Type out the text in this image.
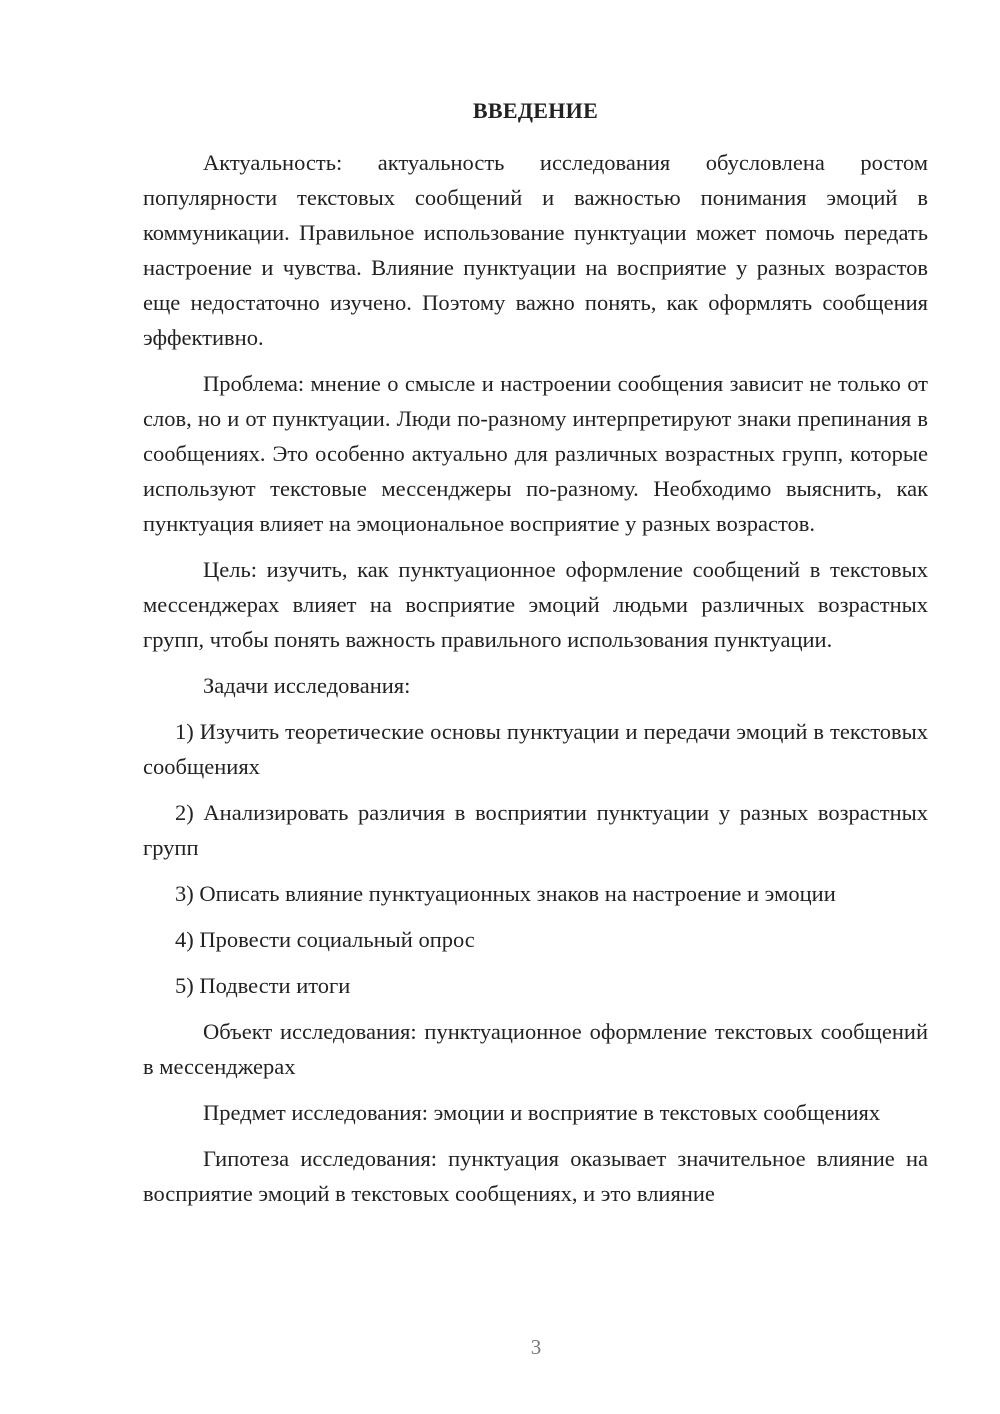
ВВЕДЕНИЕ

Актуальность: актуальность исследования обусловлена ростом популярности текстовых сообщений и важностью понимания эмоций в коммуникации. Правильное использование пунктуации может помочь передать настроение и чувства. Влияние пунктуации на восприятие у разных возрастов еще недостаточно изучено. Поэтому важно понять, как оформлять сообщения эффективно.

Проблема: мнение о смысле и настроении сообщения зависит не только от слов, но и от пунктуации. Люди по-разному интерпретируют знаки препинания в сообщениях. Это особенно актуально для различных возрастных групп, которые используют текстовые мессенджеры по-разному. Необходимо выяснить, как пунктуация влияет на эмоциональное восприятие у разных возрастов.

Цель: изучить, как пунктуационное оформление сообщений в текстовых мессенджерах влияет на восприятие эмоций людьми различных возрастных групп, чтобы понять важность правильного использования пунктуации.

Задачи исследования:

1) Изучить теоретические основы пунктуации и передачи эмоций в текстовых сообщениях

2) Анализировать различия в восприятии пунктуации у разных возрастных групп

3) Описать влияние пунктуационных знаков на настроение и эмоции

4) Провести социальный опрос

5) Подвести итоги

Объект исследования: пунктуационное оформление текстовых сообщений в мессенджерах

Предмет исследования: эмоции и восприятие в текстовых сообщениях

Гипотеза исследования: пунктуация оказывает значительное влияние на восприятие эмоций в текстовых сообщениях, и это влияние

3
